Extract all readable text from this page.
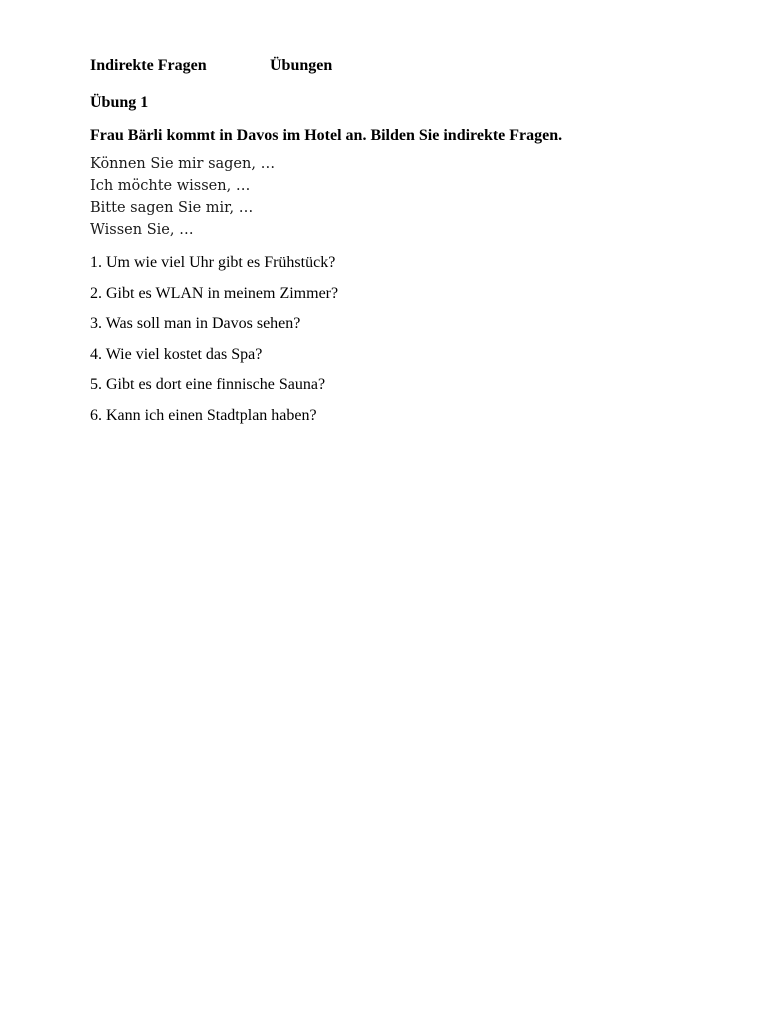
Indirekte Fragen	Übungen
Übung 1
Frau Bärli kommt in Davos im Hotel an. Bilden Sie indirekte Fragen.
Können Sie mir sagen, …
Ich möchte wissen, …
Bitte sagen Sie mir, …
Wissen Sie, …
1. Um wie viel Uhr gibt es Frühstück?
2. Gibt es WLAN in meinem Zimmer?
3. Was soll man in Davos sehen?
4. Wie viel kostet das Spa?
5. Gibt es dort eine finnische Sauna?
6. Kann ich einen Stadtplan haben?
